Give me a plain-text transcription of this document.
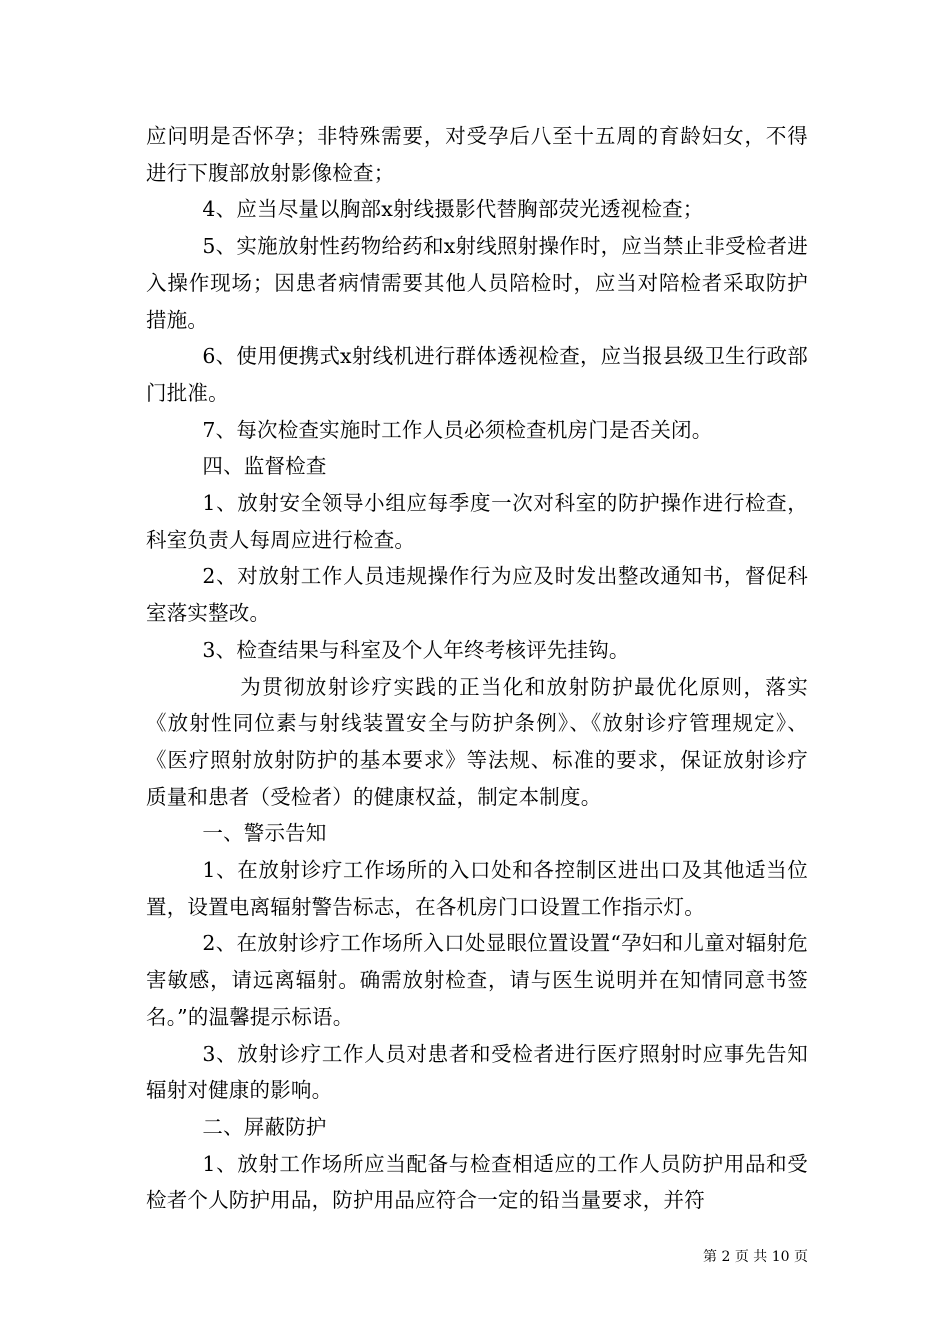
应问明是否怀孕；非特殊需要，对受孕后八至十五周的育龄妇女，不得进行下腹部放射影像检查；

4、应当尽量以胸部x射线摄影代替胸部荧光透视检查；

5、实施放射性药物给药和x射线照射操作时，应当禁止非受检者进入操作现场；因患者病情需要其他人员陪检时，应当对陪检者采取防护措施。

6、使用便携式x射线机进行群体透视检查，应当报县级卫生行政部门批准。

7、每次检查实施时工作人员必须检查机房门是否关闭。

四、监督检查

1、放射安全领导小组应每季度一次对科室的防护操作进行检查，科室负责人每周应进行检查。

2、对放射工作人员违规操作行为应及时发出整改通知书，督促科室落实整改。

3、检查结果与科室及个人年终考核评先挂钩。

为贯彻放射诊疗实践的正当化和放射防护最优化原则，落实《放射性同位素与射线装置安全与防护条例》、《放射诊疗管理规定》、《医疗照射放射防护的基本要求》等法规、标准的要求，保证放射诊疗质量和患者（受检者）的健康权益，制定本制度。

一、警示告知

1、在放射诊疗工作场所的入口处和各控制区进出口及其他适当位置，设置电离辐射警告标志，在各机房门口设置工作指示灯。

2、在放射诊疗工作场所入口处显眼位置设置“孕妇和儿童对辐射危害敏感，请远离辐射。确需放射检查，请与医生说明并在知情同意书签名。”的温馨提示标语。

3、放射诊疗工作人员对患者和受检者进行医疗照射时应事先告知辐射对健康的影响。

二、屏蔽防护

1、放射工作场所应当配备与检查相适应的工作人员防护用品和受检者个人防护用品，防护用品应符合一定的铅当量要求，并符

第 2 页 共 10 页
